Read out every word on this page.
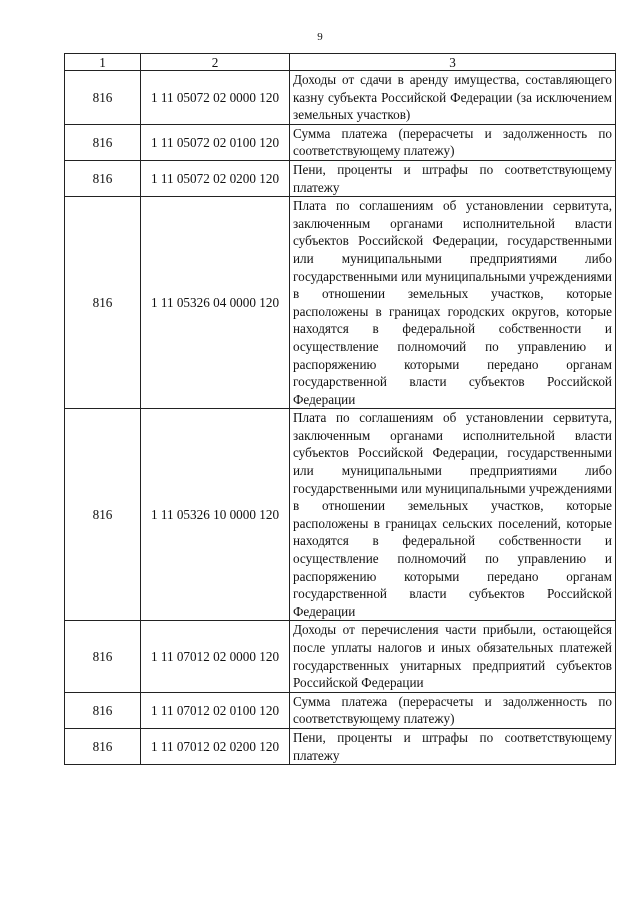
9
1	2	3
816	1 11 05072 02 0000 120	Доходы от сдачи в аренду имущества, составляющего казну субъекта Российской Федерации (за исключением земельных участков)
816	1 11 05072 02 0100 120	Сумма платежа (перерасчеты и задолженность по соответствующему платежу)
816	1 11 05072 02 0200 120	Пени, проценты и штрафы по соответствующему платежу
816	1 11 05326 04 0000 120	Плата по соглашениям об установлении сервитута, заключенным органами исполнительной власти субъектов Российской Федерации, государственными или муниципальными предприятиями либо государственными или муниципальными учреждениями в отношении земельных участков, которые расположены в границах городских округов, которые находятся в федеральной собственности и осуществление полномочий по управлению и распоряжению которыми передано органам государственной власти субъектов Российской Федерации
816	1 11 05326 10 0000 120	Плата по соглашениям об установлении сервитута, заключенным органами исполнительной власти субъектов Российской Федерации, государственными или муниципальными предприятиями либо государственными или муниципальными учреждениями в отношении земельных участков, которые расположены в границах сельских поселений, которые находятся в федеральной собственности и осуществление полномочий по управлению и распоряжению которыми передано органам государственной власти субъектов Российской Федерации
816	1 11 07012 02 0000 120	Доходы от перечисления части прибыли, остающейся после уплаты налогов и иных обязательных платежей государственных унитарных предприятий субъектов Российской Федерации
816	1 11 07012 02 0100 120	Сумма платежа (перерасчеты и задолженность по соответствующему платежу)
816	1 11 07012 02 0200 120	Пени, проценты и штрафы по соответствующему платежу
